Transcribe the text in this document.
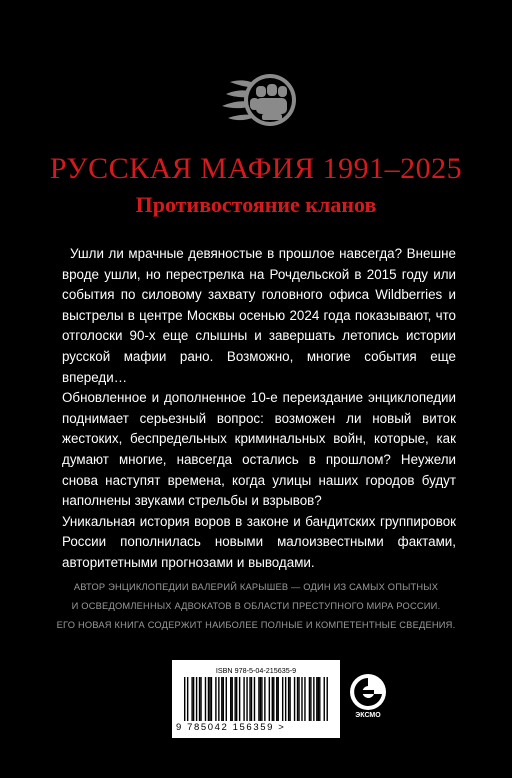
РУССКАЯ МАФИЯ 1991–2025
Противостояние кланов

Ушли ли мрачные девяностые в прошлое навсегда? Внешне вроде ушли, но перестрелка на Рочдельской в 2015 году или события по силовому захвату головного офиса Wildberries и выстрелы в центре Москвы осенью 2024 года показывают, что отголоски 90-х еще слышны и завершать летопись истории русской мафии рано. Возможно, многие события еще впереди…

Обновленное и дополненное 10-е переиздание энциклопедии поднимает серьезный вопрос: возможен ли новый виток жестоких, беспредельных криминальных войн, которые, как думают многие, навсегда остались в прошлом? Неужели снова наступят времена, когда улицы наших городов будут наполнены звуками стрельбы и взрывов?

Уникальная история воров в законе и бандитских группировок России пополнилась новыми малоизвестными фактами, авторитетными прогнозами и выводами.

АВТОР ЭНЦИКЛОПЕДИИ ВАЛЕРИЙ КАРЫШЕВ — ОДИН ИЗ САМЫХ ОПЫТНЫХ
И ОСВЕДОМЛЕННЫХ АДВОКАТОВ В ОБЛАСТИ ПРЕСТУПНОГО МИРА РОССИИ.
ЕГО НОВАЯ КНИГА СОДЕРЖИТ НАИБОЛЕЕ ПОЛНЫЕ И КОМПЕТЕНТНЫЕ СВЕДЕНИЯ.
ISBN 978-5-04-215635-9
9 785042 156359 >
ЭКСМО
